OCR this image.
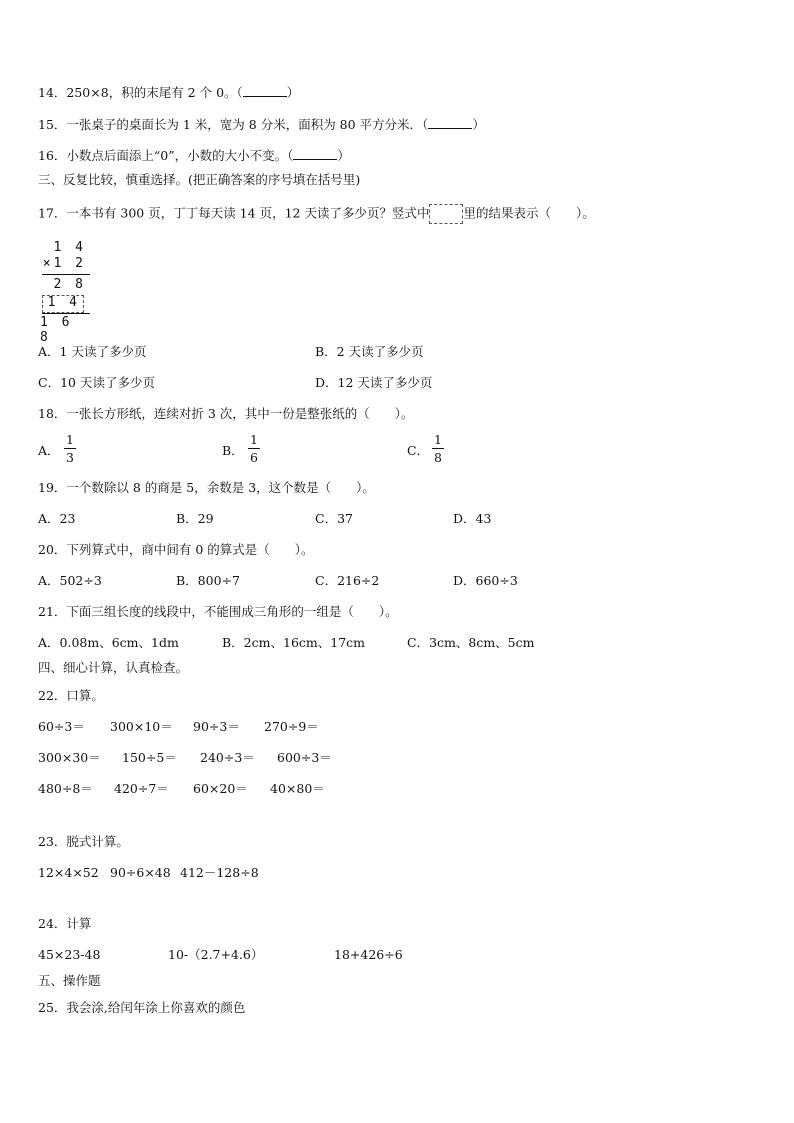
14．250×8，积的末尾有 2 个 0。（	）
15．一张桌子的桌面长为 1 米，宽为 8 分米，面积为 80 平方分米．（	）
16．小数点后面添上“0”，小数的大小不变。（	）
三、反复比较，慎重选择。(把正确答案的序号填在括号里)
17．一本书有 300 页，丁丁每天读 14 页，12 天读了多少页？竖式中	里的结果表示（　　）。
1 4
×1 2
2 8
1 4
1 6 8
A．1 天读了多少页	B．2 天读了多少页
C．10 天读了多少页	D．12 天读了多少页
18．一张长方形纸，连续对折 3 次，其中一份是整张纸的（　　）。
A．
1
3	B．
1
6	C．
1
8
19．一个数除以 8 的商是 5，余数是 3，这个数是（　　）。
A．23	B．29	C．37	D．43
20．下列算式中，商中间有 0 的算式是（　　）。
A．502÷3	B．800÷7	C．216÷2	D．660÷3
21．下面三组长度的线段中，不能围成三角形的一组是（　　）。
A．0.08m、6cm、1dm	B．2cm、16cm、17cm	C．3cm、8cm、5cm
四、细心计算，认真检查。
22．口算。
60÷3＝ 300×10＝ 90÷3＝ 270÷9＝
300×30＝ 150÷5＝ 240÷3＝ 600÷3＝
480÷8＝ 420÷7＝ 60×20＝ 40×80＝
23．脱式计算。
12×4×52 90÷6×48 412－128÷8
24．计算
45×23-48	10-（2.7+4.6）	18+426÷6
五、操作题
25．我会涂,给闰年涂上你喜欢的颜色
